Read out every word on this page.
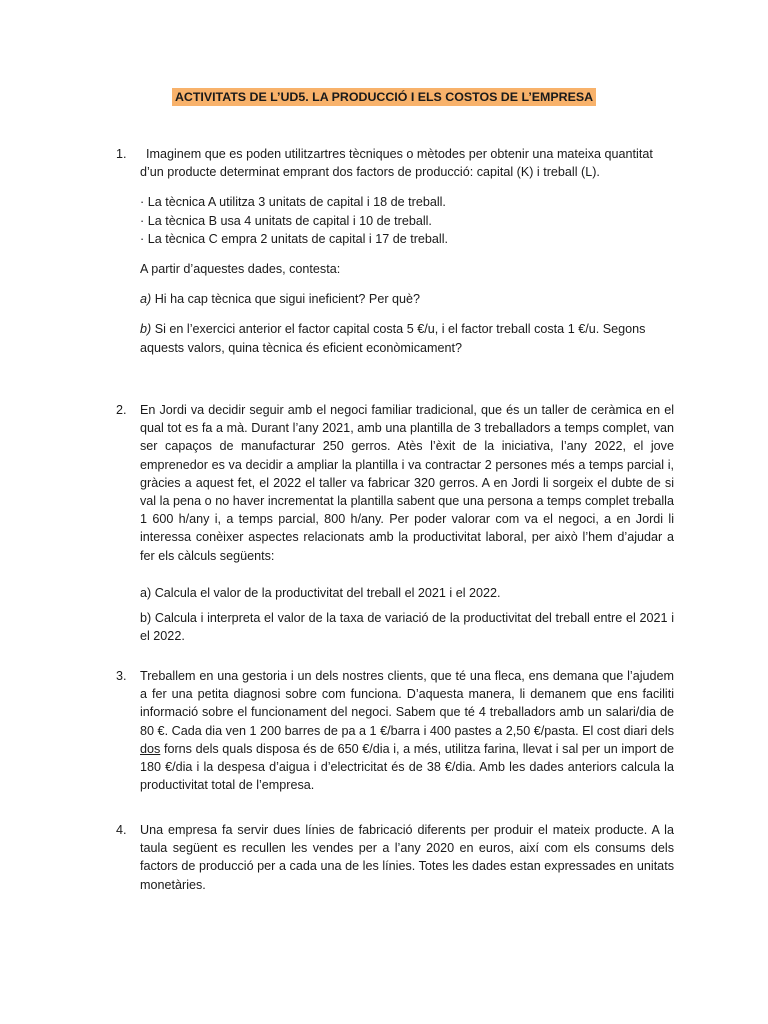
ACTIVITATS DE L’UD5. LA PRODUCCIÓ I ELS COSTOS DE L’EMPRESA
1.	Imaginem que es poden utilitzartres tècniques o mètodes per obtenir una mateixa quantitat d’un producte determinat emprant dos factors de producció: capital (K) i treball (L).

· La tècnica A utilitza 3 unitats de capital i 18 de treball.

· La tècnica B usa 4 unitats de capital i 10 de treball.

· La tècnica C empra 2 unitats de capital i 17 de treball.

A partir d’aquestes dades, contesta:

a) Hi ha cap tècnica que sigui ineficient? Per què?

b) Si en l’exercici anterior el factor capital costa 5 €/u, i el factor treball costa 1 €/u. Segons aquests valors, quina tècnica és eficient econòmicament?

2. En Jordi va decidir seguir amb el negoci familiar tradicional, que és un taller de ceràmica en el qual tot es fa a mà. Durant l’any 2021, amb una plantilla de 3 treballadors a temps complet, van ser capaços de manufacturar 250 gerros. Atès l’èxit de la iniciativa, l’any 2022, el jove emprenedor es va decidir a ampliar la plantilla i va contractar 2 persones més a temps parcial i, gràcies a aquest fet, el 2022 el taller va fabricar 320 gerros. A en Jordi li sorgeix el dubte de si val la pena o no haver incrementat la plantilla sabent que una persona a temps complet treballa 1 600 h/any i, a temps parcial, 800 h/any. Per poder valorar com va el negoci, a en Jordi li interessa conèixer aspectes relacionats amb la productivitat laboral, per això l’hem d’ajudar a fer els càlculs següents:

a) Calcula el valor de la productivitat del treball el 2021 i el 2022.

b) Calcula i interpreta el valor de la taxa de variació de la productivitat del treball entre el 2021 i el 2022.

3. Treballem en una gestoria i un dels nostres clients, que té una fleca, ens demana que l’ajudem a fer una petita diagnosi sobre com funciona. D’aquesta manera, li demanem que ens faciliti informació sobre el funcionament del negoci. Sabem que té 4 treballadors amb un salari/dia de 80 €. Cada dia ven 1 200 barres de pa a 1 €/barra i 400 pastes a 2,50 €/pasta. El cost diari dels dos forns dels quals disposa és de 650 €/dia i, a més, utilitza farina, llevat i sal per un import de 180 €/dia i la despesa d’aigua i d’electricitat és de 38 €/dia. Amb les dades anteriors calcula la productivitat total de l’empresa.

4. Una empresa fa servir dues línies de fabricació diferents per produir el mateix producte. A la taula següent es recullen les vendes per a l’any 2020 en euros, així com els consums dels factors de producció per a cada una de les línies. Totes les dades estan expressades en unitats monetàries.
